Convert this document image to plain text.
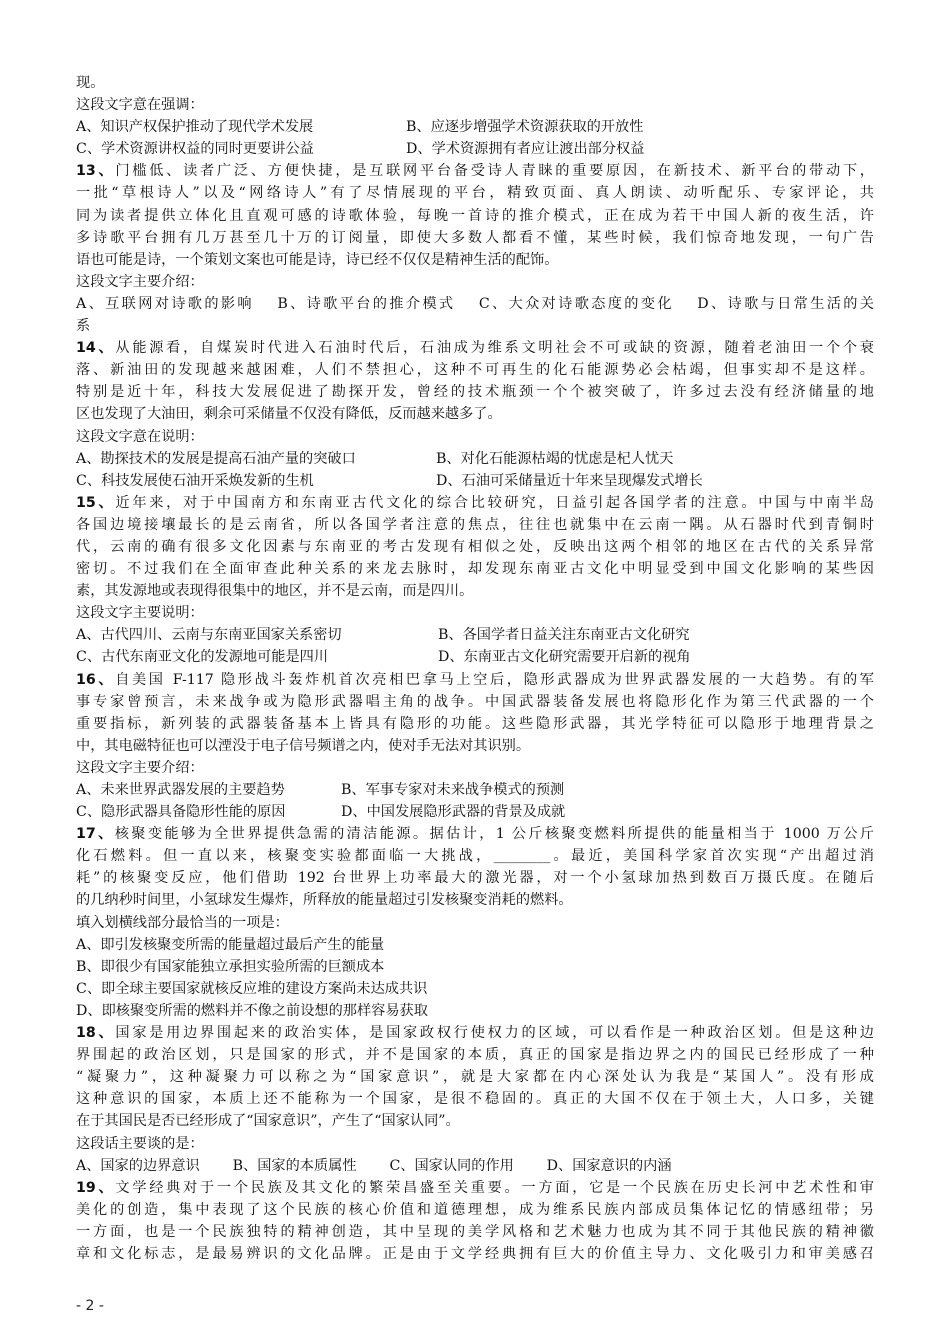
现。
这段文字意在强调：
A、知识产权保护推动了现代学术发展	B、应逐步增强学术资源获取的开放性
C、学术资源讲权益的同时更要讲公益	D、学术资源拥有者应让渡出部分权益
13、门槛低、读者广泛、方便快捷，是互联网平台备受诗人青睐的重要原因，在新技术、新平台的带动下，
一批“草根诗人”以及“网络诗人”有了尽情展现的平台，精致页面、真人朗读、动听配乐、专家评论，共
同为读者提供立体化且直观可感的诗歌体验，每晚一首诗的推介模式，正在成为若干中国人新的夜生活，许
多诗歌平台拥有几万甚至几十万的订阅量，即使大多数人都看不懂，某些时候，我们惊奇地发现，一句广告
语也可能是诗，一个策划文案也可能是诗，诗已经不仅仅是精神生活的配饰。
这段文字主要介绍：
A、互联网对诗歌的影响　 B、诗歌平台的推介模式　 C、大众对诗歌态度的变化　 D、诗歌与日常生活的关
系
14、从能源看，自煤炭时代进入石油时代后，石油成为维系文明社会不可或缺的资源，随着老油田一个个衰
落、新油田的发现越来越困难，人们不禁担心，这种不可再生的化石能源势必会枯竭，但事实却不是这样。
特别是近十年，科技大发展促进了勘探开发，曾经的技术瓶颈一个个被突破了，许多过去没有经济储量的地
区也发现了大油田，剩余可采储量不仅没有降低，反而越来越多了。
这段文字意在说明：
A、勘探技术的发展是提高石油产量的突破口	B、对化石能源枯竭的忧虑是杞人忧天
C、科技发展使石油开采焕发新的生机	D、石油可采储量近十年来呈现爆发式增长
15、近年来，对于中国南方和东南亚古代文化的综合比较研究，日益引起各国学者的注意。中国与中南半岛
各国边境接壤最长的是云南省，所以各国学者注意的焦点，往往也就集中在云南一隅。从石器时代到青铜时
代，云南的确有很多文化因素与东南亚的考古发现有相似之处，反映出这两个相邻的地区在古代的关系异常
密切。不过我们在全面审查此种关系的来龙去脉时，却发现东南亚古文化中明显受到中国文化影响的某些因
素，其发源地或表现得很集中的地区，并不是云南，而是四川。
这段文字主要说明：
A、古代四川、云南与东南亚国家关系密切	B、各国学者日益关注东南亚古文化研究
C、古代东南亚文化的发源地可能是四川	D、东南亚古文化研究需要开启新的视角
16、自美国 F-117 隐形战斗轰炸机首次亮相巴拿马上空后，隐形武器成为世界武器发展的一大趋势。有的军
事专家曾预言，未来战争或为隐形武器唱主角的战争。中国武器装备发展也将隐形化作为第三代武器的一个
重要指标，新列装的武器装备基本上皆具有隐形的功能。这些隐形武器，其光学特征可以隐形于地理背景之
中，其电磁特征也可以湮没于电子信号频谱之内，使对手无法对其识别。
这段文字主要介绍：
A、未来世界武器发展的主要趋势	B、军事专家对未来战争模式的预测
C、隐形武器具备隐形性能的原因	D、中国发展隐形武器的背景及成就
17、核聚变能够为全世界提供急需的清洁能源。据估计，1 公斤核聚变燃料所提供的能量相当于 1000 万公斤
化石燃料。但一直以来，核聚变实验都面临一大挑战，________。最近，美国科学家首次实现“产出超过消
耗”的核聚变反应，他们借助 192 台世界上功率最大的激光器，对一个小氢球加热到数百万摄氏度。在随后
的几纳秒时间里，小氢球发生爆炸，所释放的能量超过引发核聚变消耗的燃料。
填入划横线部分最恰当的一项是：
A、即引发核聚变所需的能量超过最后产生的能量
B、即很少有国家能独立承担实验所需的巨额成本
C、即全球主要国家就核反应堆的建设方案尚未达成共识
D、即核聚变所需的燃料并不像之前设想的那样容易获取
18、国家是用边界围起来的政治实体，是国家政权行使权力的区域，可以看作是一种政治区划。但是这种边
界围起的政治区划，只是国家的形式，并不是国家的本质，真正的国家是指边界之内的国民已经形成了一种
“凝聚力”，这种凝聚力可以称之为“国家意识”，就是大家都在内心深处认为我是“某国人”。没有形成
这种意识的国家，本质上还不能称为一个国家，是很不稳固的。真正的大国不仅在于领土大，人口多，关键
在于其国民是否已经形成了“国家意识”，产生了“国家认同”。
这段话主要谈的是：
A、国家的边界意识　　 B、国家的本质属性　　 C、国家认同的作用　　 D、国家意识的内涵
19、文学经典对于一个民族及其文化的繁荣昌盛至关重要。一方面，它是一个民族在历史长河中艺术性和审
美化的创造，集中表现了这个民族的核心价值和道德理想，成为维系民族内部成员集体记忆的情感纽带；另
一方面，也是一个民族独特的精神创造，其中呈现的美学风格和艺术魅力也成为其不同于其他民族的精神徽
章和文化标志，是最易辨识的文化品牌。正是由于文学经典拥有巨大的价值主导力、文化吸引力和审美感召
- 2 -
